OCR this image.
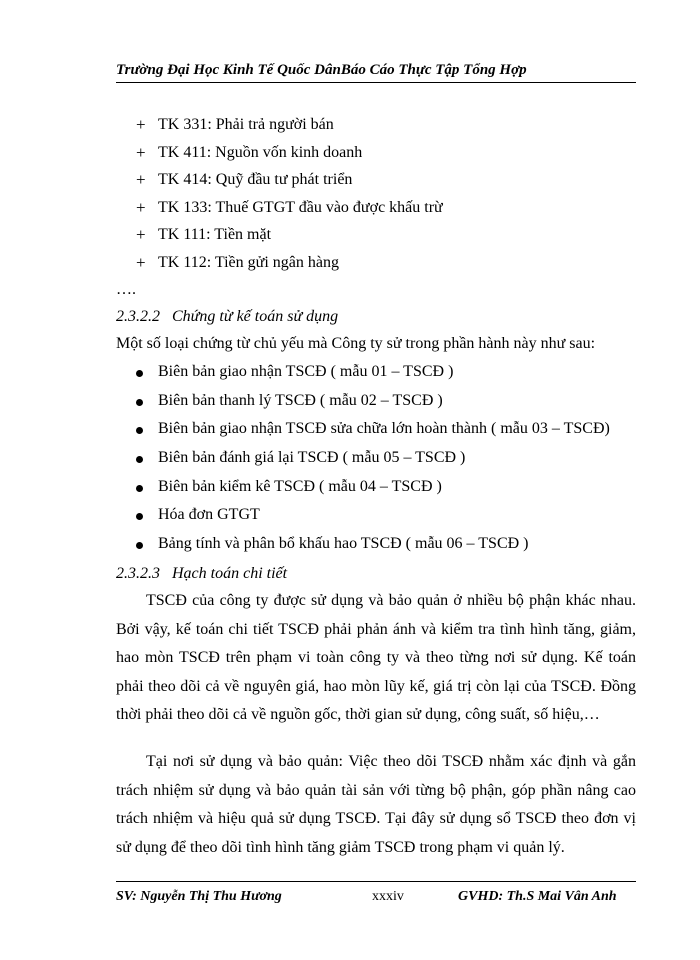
Trường Đại Học Kinh Tế Quốc DânBáo Cáo Thực Tập Tổng Hợp
+ TK 331: Phải trả người bán
+ TK 411: Nguồn vốn kinh doanh
+ TK 414: Quỹ đầu tư phát triển
+ TK 133: Thuế GTGT đầu vào được khấu trừ
+ TK 111: Tiền mặt
+ TK 112: Tiền gửi ngân hàng
….
2.3.2.2 Chứng từ kế toán sử dụng
Một số loại chứng từ chủ yếu mà Công ty sử trong phần hành này như sau:
Biên bản giao nhận TSCĐ ( mẫu 01 – TSCĐ )
Biên bản thanh lý TSCĐ ( mẫu 02 – TSCĐ )
Biên bản giao nhận TSCĐ sửa chữa lớn hoàn thành ( mẫu 03 – TSCĐ)
Biên bản đánh giá lại TSCĐ ( mẫu 05 – TSCĐ )
Biên bản kiểm kê TSCĐ ( mẫu 04 – TSCĐ )
Hóa đơn GTGT
Bảng tính và phân bổ khấu hao TSCĐ ( mẫu 06 – TSCĐ )
2.3.2.3 Hạch toán chi tiết
TSCĐ của công ty được sử dụng và bảo quản ở nhiều bộ phận khác nhau. Bởi vậy, kế toán chi tiết TSCĐ phải phản ánh và kiểm tra tình hình tăng, giảm, hao mòn TSCĐ trên phạm vi toàn công ty và theo từng nơi sử dụng. Kế toán phải theo dõi cả về nguyên giá, hao mòn lũy kế, giá trị còn lại của TSCĐ. Đồng thời phải theo dõi cả về nguồn gốc, thời gian sử dụng, công suất, số hiệu,…
Tại nơi sử dụng và bảo quản: Việc theo dõi TSCĐ nhằm xác định và gắn trách nhiệm sử dụng và bảo quản tài sản với từng bộ phận, góp phần nâng cao trách nhiệm và hiệu quả sử dụng TSCĐ. Tại đây sử dụng sổ TSCĐ theo đơn vị sử dụng để theo dõi tình hình tăng giảm TSCĐ trong phạm vi quản lý.
SV: Nguyễn Thị Thu Hương	xxxiv	GVHD: Th.S Mai Vân Anh
